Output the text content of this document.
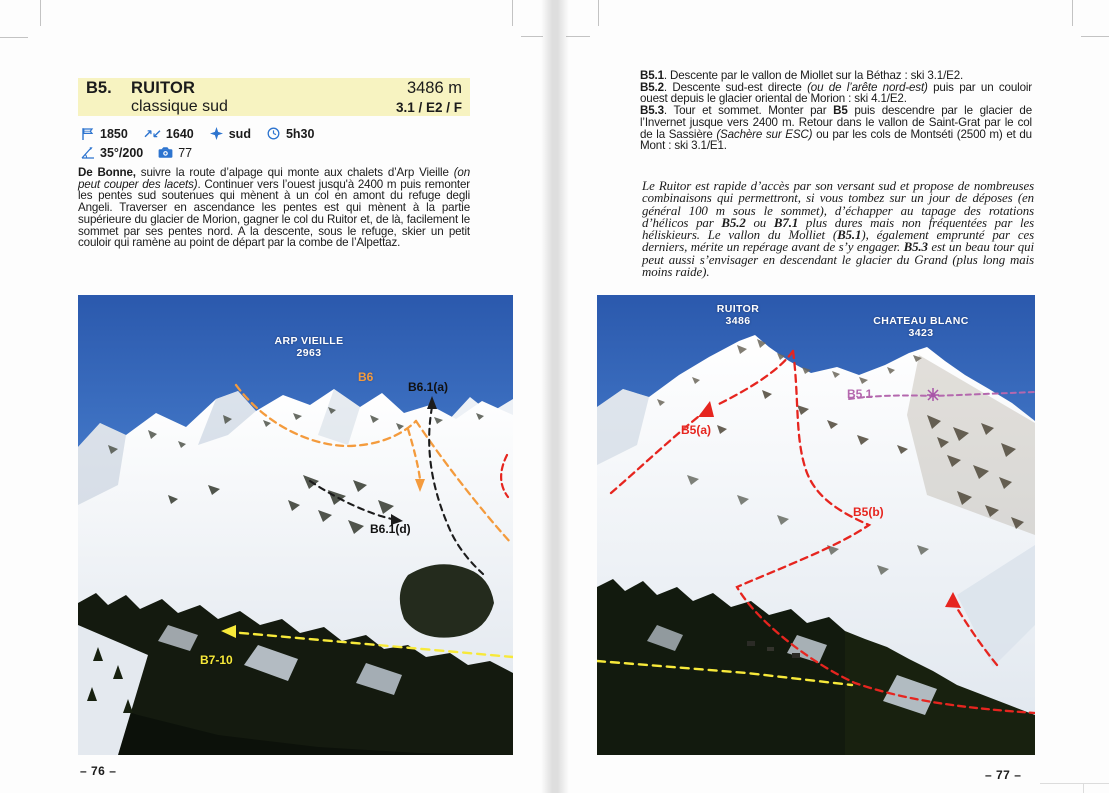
B5.	RUITOR	3486 m
classique sud	3.1 / E2 / F
1850 ↗↙ 1640	sud	5h30
35°/200	77

De Bonne, suivre la route d’alpage qui monte aux chalets d’Arp Vieille (on peut couper des lacets). Continuer vers l’ouest jusqu'à 2400 m puis remonter les pentes sud soutenues qui mènent à un col en amont du refuge degli Angeli. Traverser en ascendance les pentes est qui mènent à la partie supérieure du glacier de Morion, gagner le col du Ruitor et, de là, facilement le sommet par ses pentes nord. A la descente, sous le refuge, skier un petit couloir qui ramène au point de départ par la combe de l’Alpettaz.

ARP VIEILLE
2963
B6
B6.1(a)
B6.1(d)
B7-10
– 76 –

B5.1. Descente par le vallon de Miollet sur la Béthaz : ski 3.1/E2.

B5.2. Descente sud-est directe (ou de l’arête nord-est) puis par un couloir ouest depuis le glacier oriental de Morion : ski 4.1/E2.

B5.3. Tour et sommet. Monter par B5 puis descendre par le glacier de l’Invernet jusque vers 2400 m. Retour dans le vallon de Saint-Grat par le col de la Sassière (Sachère sur ESC) ou par les cols de Montséti (2500 m) et du Mont : ski 3.1/E1.

Le Ruitor est rapide d’accès par son versant sud et propose de nombreuses combinaisons qui permettront, si vous tombez sur un jour de déposes (en général 100 m sous le sommet), d’échapper au tapage des rotations d’hélicos par B5.2 ou B7.1 plus dures mais non fréquentées par les héliskieurs. Le vallon du Molliet (B5.1), également emprunté par ces derniers, mérite un repérage avant de s’y engager. B5.3 est un beau tour qui peut aussi s’envisager en descendant le glacier du Grand (plus long mais moins raide).

RUITOR
3486	CHATEAU BLANC
3423
B5.1
B5(a)
B5(b)
– 77 –
